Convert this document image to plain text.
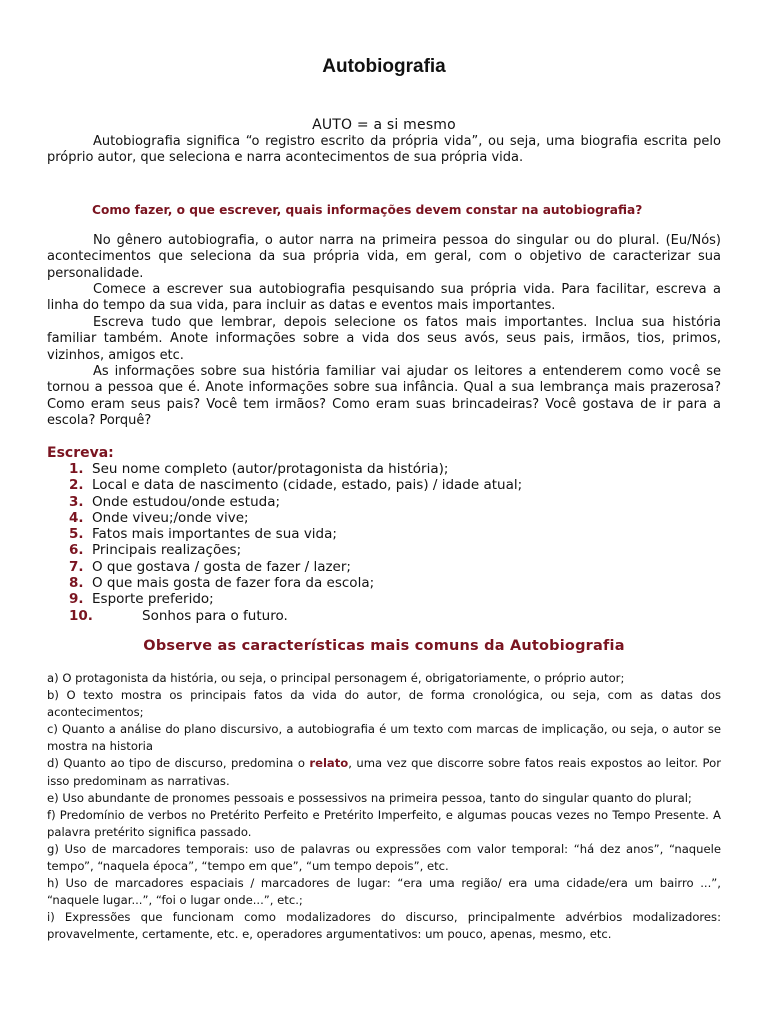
Autobiografia
AUTO = a si mesmo
Autobiografia significa “o registro escrito da própria vida”, ou seja, uma biografia escrita pelo próprio autor, que seleciona e narra acontecimentos de sua própria vida.
Como fazer, o que escrever, quais informações devem constar na autobiografia?
No gênero autobiografia, o autor narra na primeira pessoa do singular ou do plural. (Eu/Nós) acontecimentos que seleciona da sua própria vida, em geral, com o objetivo de caracterizar sua personalidade.
Comece a escrever sua autobiografia pesquisando sua própria vida. Para facilitar, escreva a linha do tempo da sua vida, para incluir as datas e eventos mais importantes.
Escreva tudo que lembrar, depois selecione os fatos mais importantes. Inclua sua história familiar também. Anote informações sobre a vida dos seus avós, seus pais, irmãos, tios, primos, vizinhos, amigos etc.
As informações sobre sua história familiar vai ajudar os leitores a entenderem como você se tornou a pessoa que é. Anote informações sobre sua infância. Qual a sua lembrança mais prazerosa? Como eram seus pais? Você tem irmãos? Como eram suas brincadeiras? Você gostava de ir para a escola? Porquê?
Escreva:
1. Seu nome completo (autor/protagonista da história);
2. Local e data de nascimento (cidade, estado, pais) / idade atual;
3. Onde estudou/onde estuda;
4. Onde viveu;/onde vive;
5. Fatos mais importantes de sua vida;
6. Principais realizações;
7. O que gostava / gosta de fazer / lazer;
8. O que mais gosta de fazer fora da escola;
9. Esporte preferido;
10.	Sonhos para o futuro.
Observe as características mais comuns da Autobiografia

a) O protagonista da história, ou seja, o principal personagem é, obrigatoriamente, o próprio autor;

b) O texto mostra os principais fatos da vida do autor, de forma cronológica, ou seja, com as datas dos acontecimentos;

c) Quanto a análise do plano discursivo, a autobiografia é um texto com marcas de implicação, ou seja, o autor se mostra na historia

d) Quanto ao tipo de discurso, predomina o relato, uma vez que discorre sobre fatos reais expostos ao leitor. Por isso predominam as narrativas.

e) Uso abundante de pronomes pessoais e possessivos na primeira pessoa, tanto do singular quanto do plural;

f) Predomínio de verbos no Pretérito Perfeito e Pretérito Imperfeito, e algumas poucas vezes no Tempo Presente. A palavra pretérito significa passado.

g) Uso de marcadores temporais: uso de palavras ou expressões com valor temporal: “há dez anos”, “naquele tempo”, “naquela época”, “tempo em que”, “um tempo depois”, etc.

h) Uso de marcadores espaciais / marcadores de lugar: “era uma região/ era uma cidade/era um bairro ...”, “naquele lugar...”, “foi o lugar onde...”, etc.;

i) Expressões que funcionam como modalizadores do discurso, principalmente advérbios modalizadores: provavelmente, certamente, etc. e, operadores argumentativos: um pouco, apenas, mesmo, etc.
